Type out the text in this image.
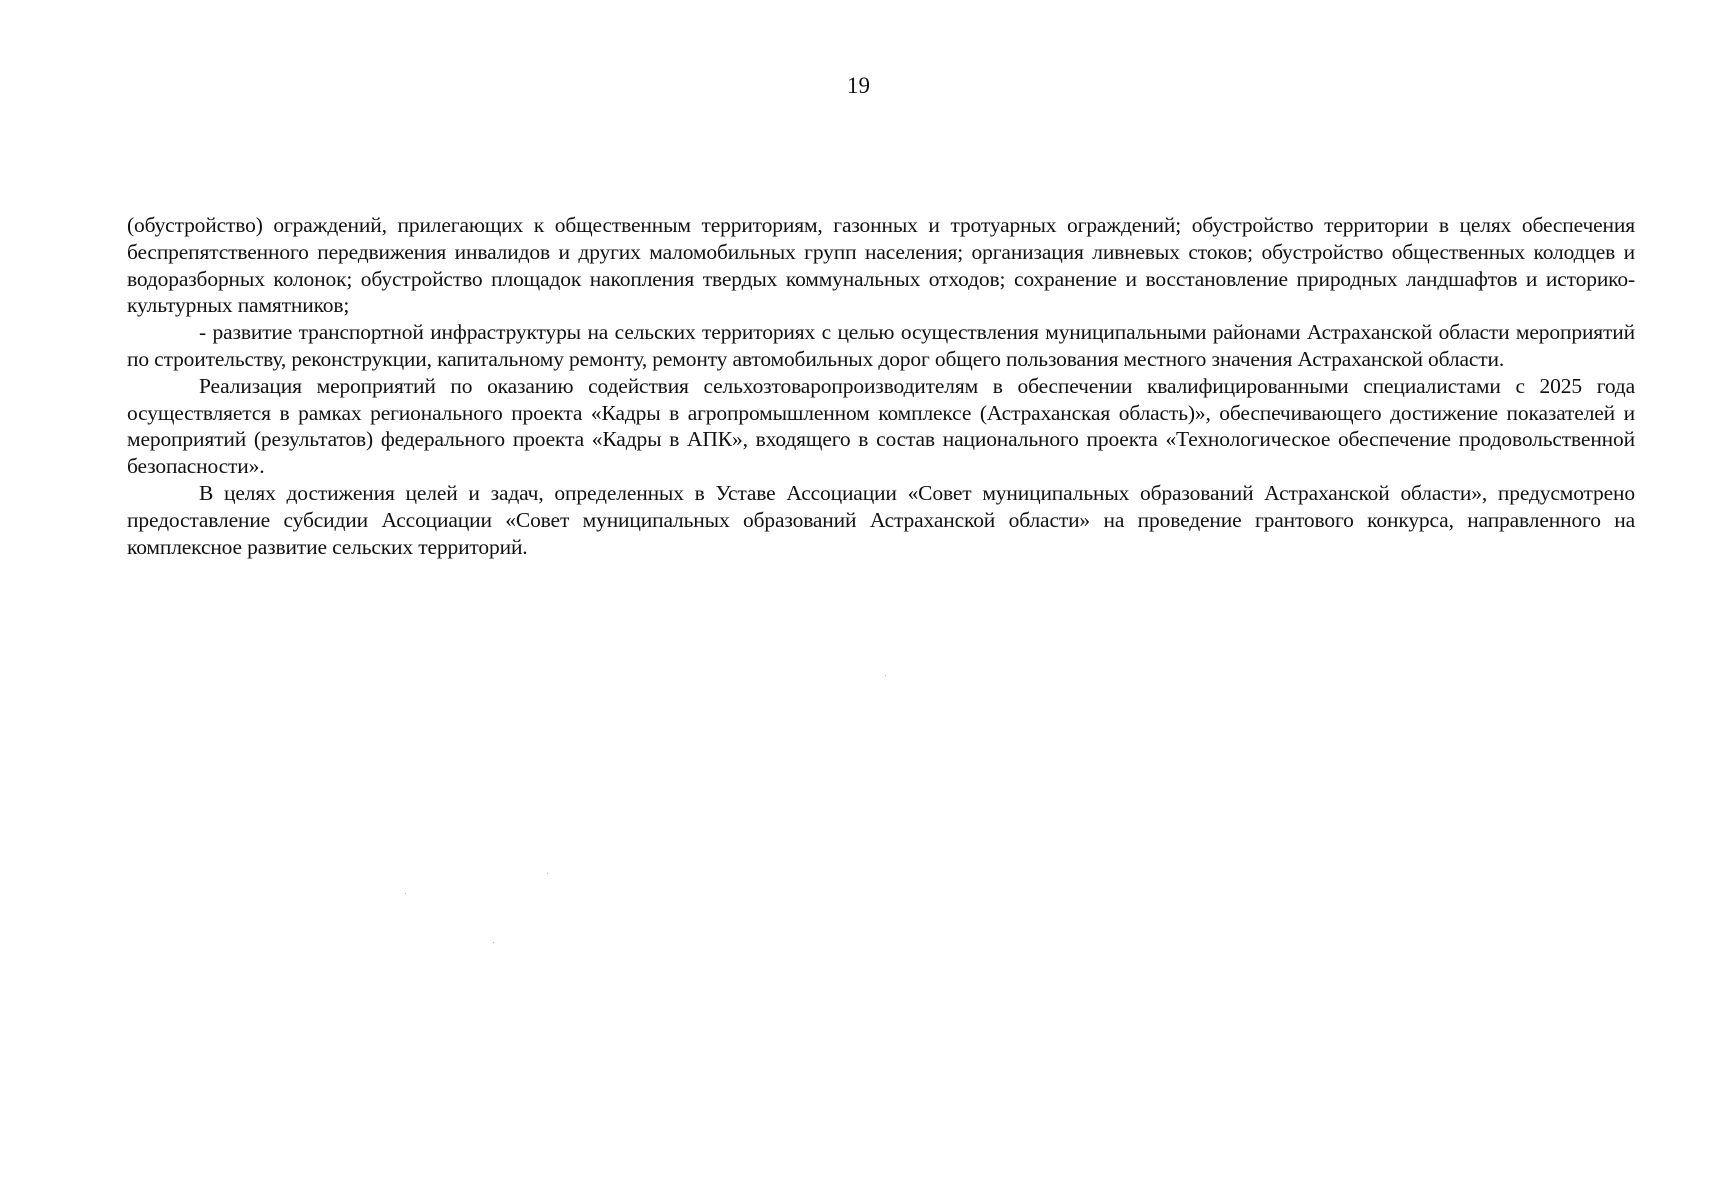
19

(обустройство) ограждений, прилегающих к общественным территориям, газонных и тротуарных ограждений; обустройство территории в целях обеспечения беспрепятственного передвижения инвалидов и других маломобильных групп населения; организация ливневых стоков; обустройство общественных колодцев и водоразборных колонок; обустройство площадок накопления твердых коммунальных отходов; сохранение и восстановление природных ландшафтов и историко-культурных памятников;

- развитие транспортной инфраструктуры на сельских территориях с целью осуществления муниципальными районами Астраханской области мероприятий по строительству, реконструкции, капитальному ремонту, ремонту автомобильных дорог общего пользования местного значения Астраханской области.

Реализация мероприятий по оказанию содействия сельхозтоваропроизводителям в обеспечении квалифицированными специалистами с 2025 года осуществляется в рамках регионального проекта «Кадры в агропромышленном комплексе (Астраханская область)», обеспечивающего достижение показателей и мероприятий (результатов) федерального проекта «Кадры в АПК», входящего в состав национального проекта «Технологическое обеспечение продовольственной безопасности».

В целях достижения целей и задач, определенных в Уставе Ассоциации «Совет муниципальных образований Астраханской области», предусмотрено предоставление субсидии Ассоциации «Совет муниципальных образований Астраханской области» на проведение грантового конкурса, направленного на комплексное развитие сельских территорий.
